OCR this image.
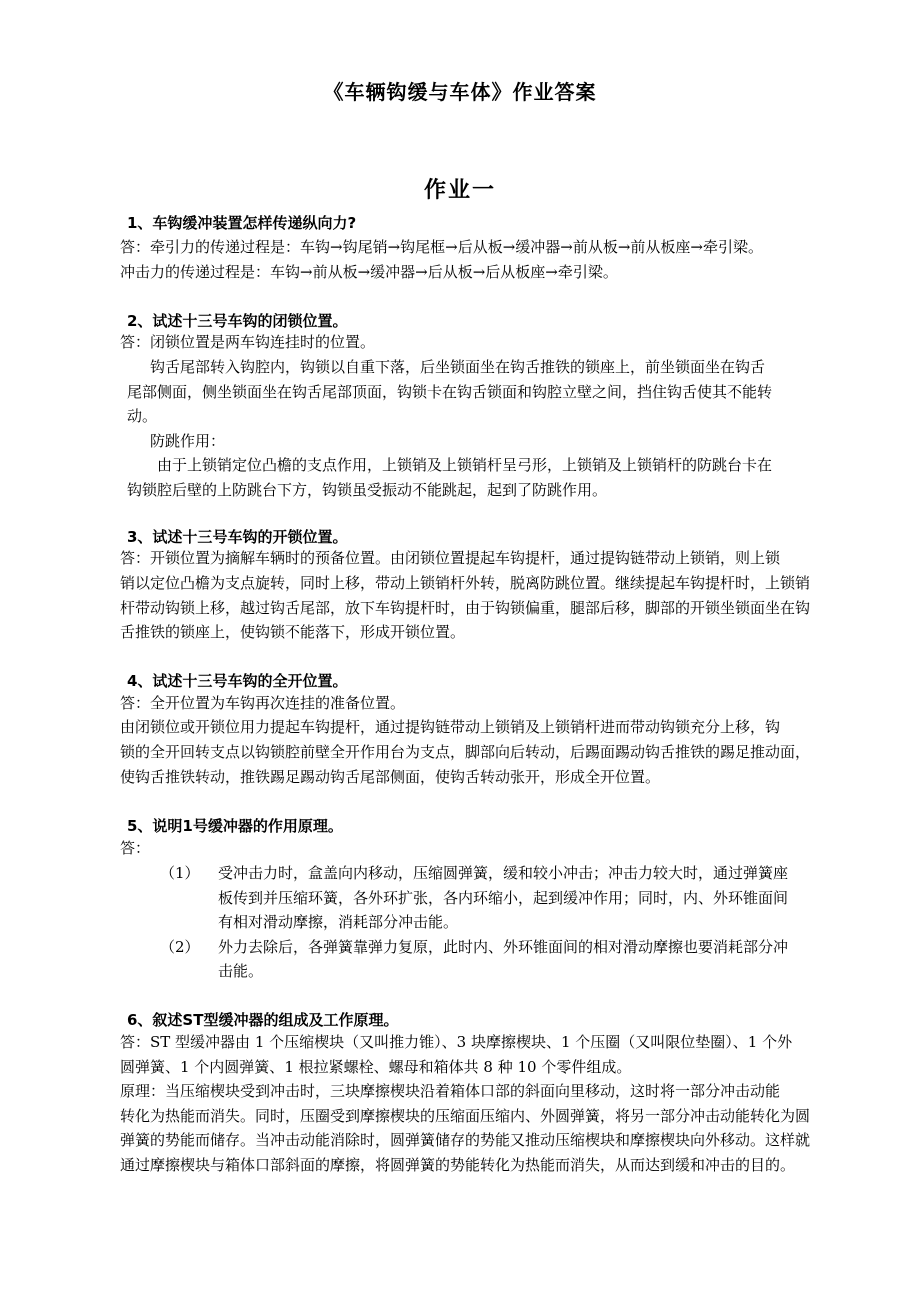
《车辆钩缓与车体》作业答案
作业一
1、车钩缓冲装置怎样传递纵向力?
答：牵引力的传递过程是：车钩→钩尾销→钩尾框→后从板→缓冲器→前从板→前从板座→牵引梁。
冲击力的传递过程是：车钩→前从板→缓冲器→后从板→后从板座→牵引梁。
2、试述十三号车钩的闭锁位置。
答：闭锁位置是两车钩连挂时的位置。
钩舌尾部转入钩腔内，钩锁以自重下落，后坐锁面坐在钩舌推铁的锁座上，前坐锁面坐在钩舌
尾部侧面，侧坐锁面坐在钩舌尾部顶面，钩锁卡在钩舌锁面和钩腔立壁之间，挡住钩舌使其不能转
动。
防跳作用：
由于上锁销定位凸檐的支点作用，上锁销及上锁销杆呈弓形，上锁销及上锁销杆的防跳台卡在
钩锁腔后壁的上防跳台下方，钩锁虽受振动不能跳起，起到了防跳作用。
3、试述十三号车钩的开锁位置。
答：开锁位置为摘解车辆时的预备位置。由闭锁位置提起车钩提杆，通过提钩链带动上锁销，则上锁
销以定位凸檐为支点旋转，同时上移，带动上锁销杆外转，脱离防跳位置。继续提起车钩提杆时，上锁销
杆带动钩锁上移，越过钩舌尾部，放下车钩提杆时，由于钩锁偏重，腿部后移，脚部的开锁坐锁面坐在钩
舌推铁的锁座上，使钩锁不能落下，形成开锁位置。
4、试述十三号车钩的全开位置。
答：全开位置为车钩再次连挂的准备位置。
由闭锁位或开锁位用力提起车钩提杆，通过提钩链带动上锁销及上锁销杆进而带动钩锁充分上移，钩
锁的全开回转支点以钩锁腔前壁全开作用台为支点，脚部向后转动，后踢面踢动钩舌推铁的踢足推动面，
使钩舌推铁转动，推铁踢足踢动钩舌尾部侧面，使钩舌转动张开，形成全开位置。
5、说明1号缓冲器的作用原理。
答：
（1） 受冲击力时，盒盖向内移动，压缩圆弹簧，缓和较小冲击；冲击力较大时，通过弹簧座
板传到并压缩环簧，各外环扩张，各内环缩小，起到缓冲作用；同时，内、外环锥面间
有相对滑动摩擦，消耗部分冲击能。
（2） 外力去除后，各弹簧靠弹力复原，此时内、外环锥面间的相对滑动摩擦也要消耗部分冲
击能。
6、叙述ST型缓冲器的组成及工作原理。
答：ST 型缓冲器由 1 个压缩楔块（又叫推力锥）、3 块摩擦楔块、1 个压圈（又叫限位垫圈）、1 个外
圆弹簧、1 个内圆弹簧、1 根拉紧螺栓、螺母和箱体共 8 种 10 个零件组成。
原理：当压缩楔块受到冲击时，三块摩擦楔块沿着箱体口部的斜面向里移动，这时将一部分冲击动能
转化为热能而消失。同时，压圈受到摩擦楔块的压缩面压缩内、外圆弹簧，将另一部分冲击动能转化为圆
弹簧的势能而储存。当冲击动能消除时，圆弹簧储存的势能又推动压缩楔块和摩擦楔块向外移动。这样就
通过摩擦楔块与箱体口部斜面的摩擦，将圆弹簧的势能转化为热能而消失，从而达到缓和冲击的目的。
